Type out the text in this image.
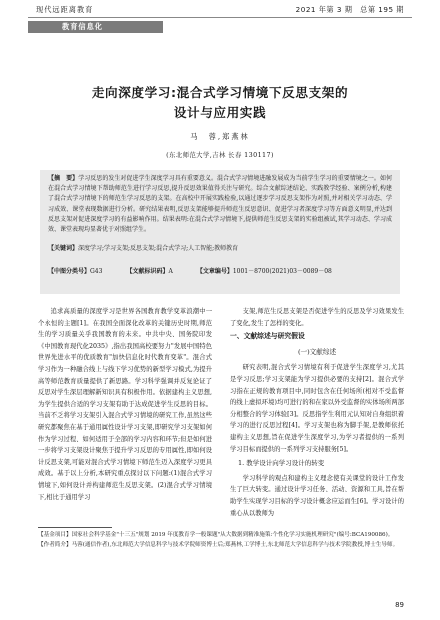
现代远距离教育	2021 年第 3 期　总第 195 期
教育信息化
走向深度学习:混合式学习情境下反思支架的
设计与应用实践
马　蓉,郑燕林
(东北师范大学,吉林 长春 130117)
【摘　要】学习反思的发生对促进学生深度学习具有重要意义。混合式学习情境进融发展成为当前学生学习的重要情境之一。如何在混合式学习情境下帮助师范生进行学习反思,提升反思效果值得关注与研究。综合文献综述结论、实践教学经验、案例分析,构建了混合式学习情境下的师范生学习反思的支架。在高校中开展实践检验,以通过逐步学习反思支架作为对照,并对相关学习动态、学习成效、课堂表现数据进行分析。研究结果表明,反思支架能够提升师范生反思意识、促进学习者深度学习等方面意义明显,并达到反思支架对促进深度学习的有益影响作用。结果表明:在混合式学习情境下,提供师范生反思支架的实验组被试,其学习动态、学习成效、课堂表现均显著优于对照组学生。
【关键词】深度学习;学习支架;反思支架;混合式学习;人工智能;教师教育
【中图分类号】G43	【文献标识码】A	【文章编号】1001－8700(2021)03－0089－08

追求高质量的深度学习是世界各国教育教学变革浪潮中一个永恒的主题[1]。在我国全面深化改革的关键历史时期,师范生的学习质量关乎我国教育的未来。中共中央、国务院印发《中国教育现代化2035》,指出我国高校要努力"发展中国特色世界先进水平的优质教育"加快信息化时代教育变革"。混合式学习作为一种融合线上与线下学习优势的新型学习模式,为提升高等师范教育质量提供了新思路。学习科学强调并反复论证了反思对学生深层理解新知识具有积极作用。依据建构主义思想,为学生提供合适的学习支架有助于达成促进学生反思的目标。当前不乏将学习支架引入混合式学习情境的研究工作,虽然这些研究都聚焦在基于通用属性设计学习支架,即研究学习支架如何作为学习过程、如何适用于全部的学习内容和环节;但是如何进一步将学习支架设计聚焦于提升学习反思的专用属性,即如何设计反思支架,可能对混合式学习情境下师范生迈入深度学习更具成效。基于以上分析,本研究重点探讨以下问题:(1)混合式学习情境下,如何设计并构建师范生反思支架。(2)混合式学习情境下,相比于通用学习

支架,师范生反思支架是否促进学生的反思及学习效果发生了变化,发生了怎样的变化。

一、文献综述与研究假设

(一)文献综述

研究表明,混合式学习情境有利于促进学生深度学习,尤其是学习反思;学习支架能为学习提供必要的支持[2]。混合式学习指在正规的教育项目中,同时包含在任何场所(相对不受监督的线上虚拟环境)均可进行的和在家以外受监督的实体场所两部分相整合的学习体验[3]。反思指学生利用元认知对自身组织着学习的进行反思过程[4]。学习支架也称为脚手架,是教师依托建构主义思想,旨在促进学生深度学习,为学习者提供的一系列学习目标而提供的一系列学习支持服务[5]。

1. 教学设计向学习设计的转变

学习科学的观点和建构主义理念使有关课堂的设计工作发生了巨大转变。通过设计学习任务、活动、资源和工具,旨在帮助学生实现学习目标的学习设计概念应运而生[6]。学习设计的重心从以教师为

【基金项目】国家社会科学基金"十三五"规划 2019 年度教育学一般课题"从大数据到精准施策:个性化学习实施机理研究"(编号:BCA190086)。
【作者简介】马蓉(通信作者),东北师范大学信息科学与技术学院师资博士后;郑燕林,工学博士,东北师范大学信息科学与技术学院教授,博士生导师。
89
